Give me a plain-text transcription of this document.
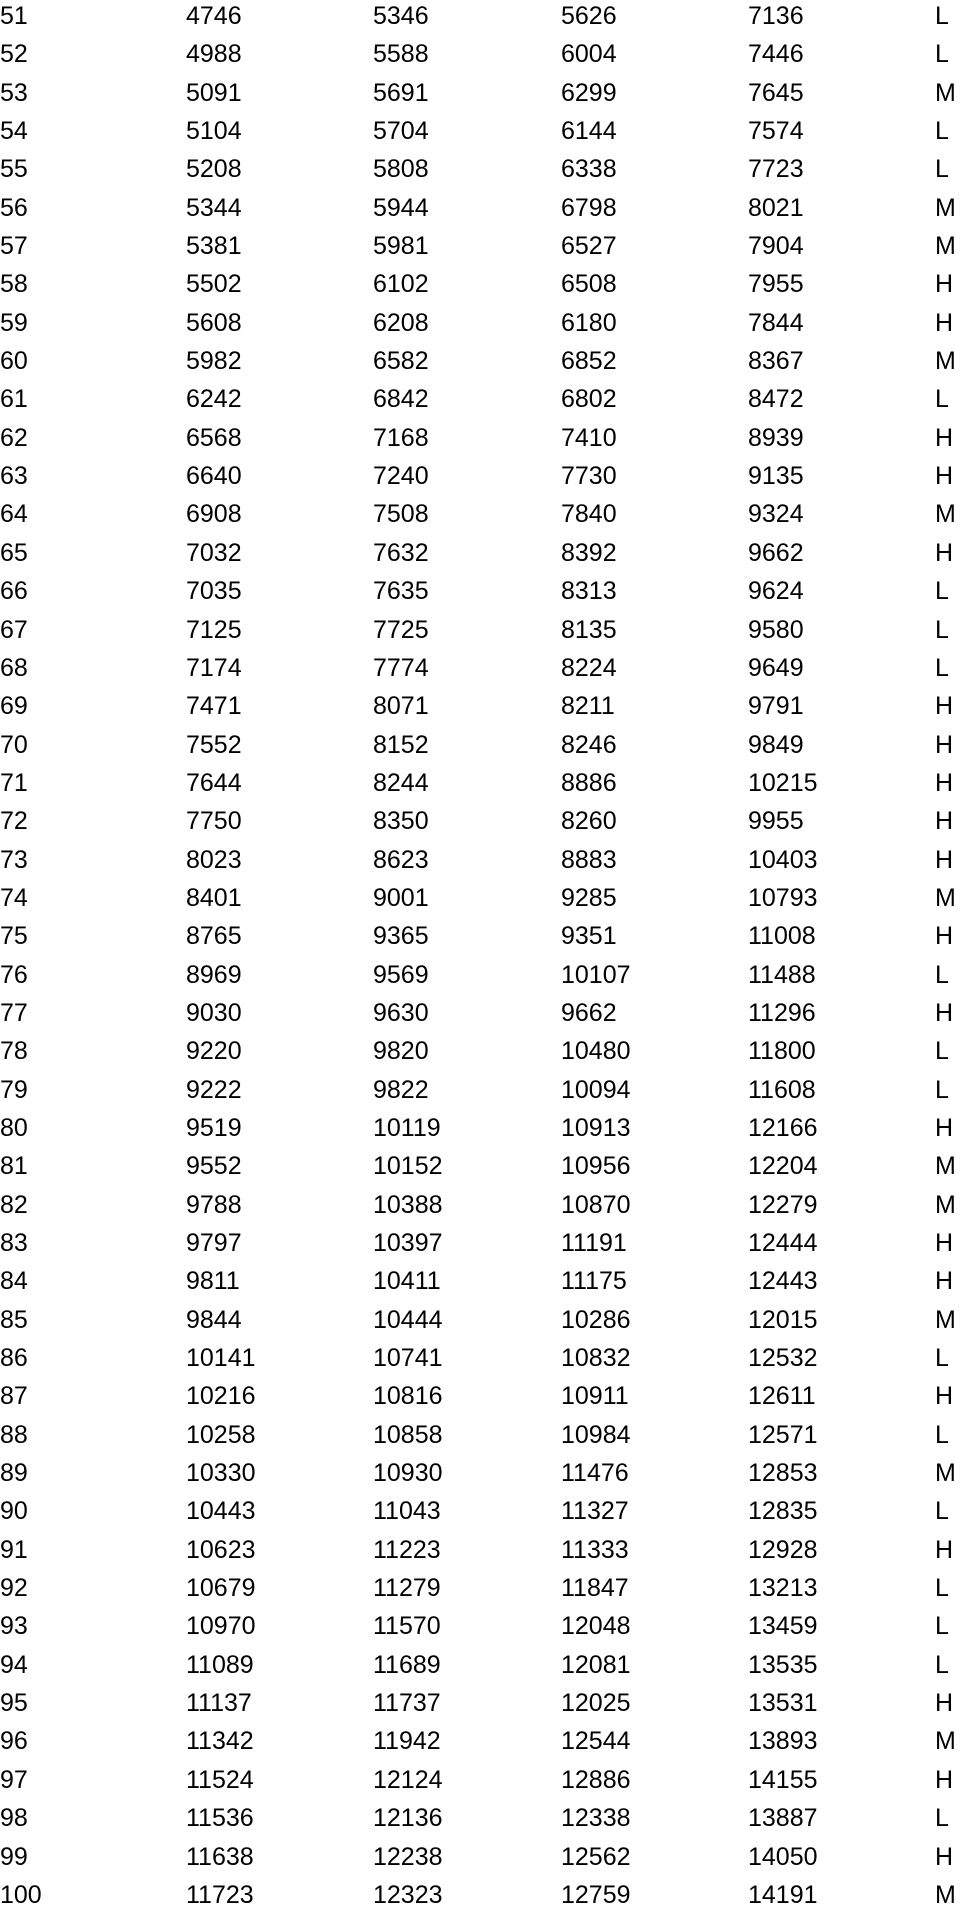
51	4746	5346	5626	7136	L
52	4988	5588	6004	7446	L
53	5091	5691	6299	7645	M
54	5104	5704	6144	7574	L
55	5208	5808	6338	7723	L
56	5344	5944	6798	8021	M
57	5381	5981	6527	7904	M
58	5502	6102	6508	7955	H
59	5608	6208	6180	7844	H
60	5982	6582	6852	8367	M
61	6242	6842	6802	8472	L
62	6568	7168	7410	8939	H
63	6640	7240	7730	9135	H
64	6908	7508	7840	9324	M
65	7032	7632	8392	9662	H
66	7035	7635	8313	9624	L
67	7125	7725	8135	9580	L
68	7174	7774	8224	9649	L
69	7471	8071	8211	9791	H
70	7552	8152	8246	9849	H
71	7644	8244	8886	10215	H
72	7750	8350	8260	9955	H
73	8023	8623	8883	10403	H
74	8401	9001	9285	10793	M
75	8765	9365	9351	11008	H
76	8969	9569	10107	11488	L
77	9030	9630	9662	11296	H
78	9220	9820	10480	11800	L
79	9222	9822	10094	11608	L
80	9519	10119	10913	12166	H
81	9552	10152	10956	12204	M
82	9788	10388	10870	12279	M
83	9797	10397	11191	12444	H
84	9811	10411	11175	12443	H
85	9844	10444	10286	12015	M
86	10141	10741	10832	12532	L
87	10216	10816	10911	12611	H
88	10258	10858	10984	12571	L
89	10330	10930	11476	12853	M
90	10443	11043	11327	12835	L
91	10623	11223	11333	12928	H
92	10679	11279	11847	13213	L
93	10970	11570	12048	13459	L
94	11089	11689	12081	13535	L
95	11137	11737	12025	13531	H
96	11342	11942	12544	13893	M
97	11524	12124	12886	14155	H
98	11536	12136	12338	13887	L
99	11638	12238	12562	14050	H
100	11723	12323	12759	14191	M
